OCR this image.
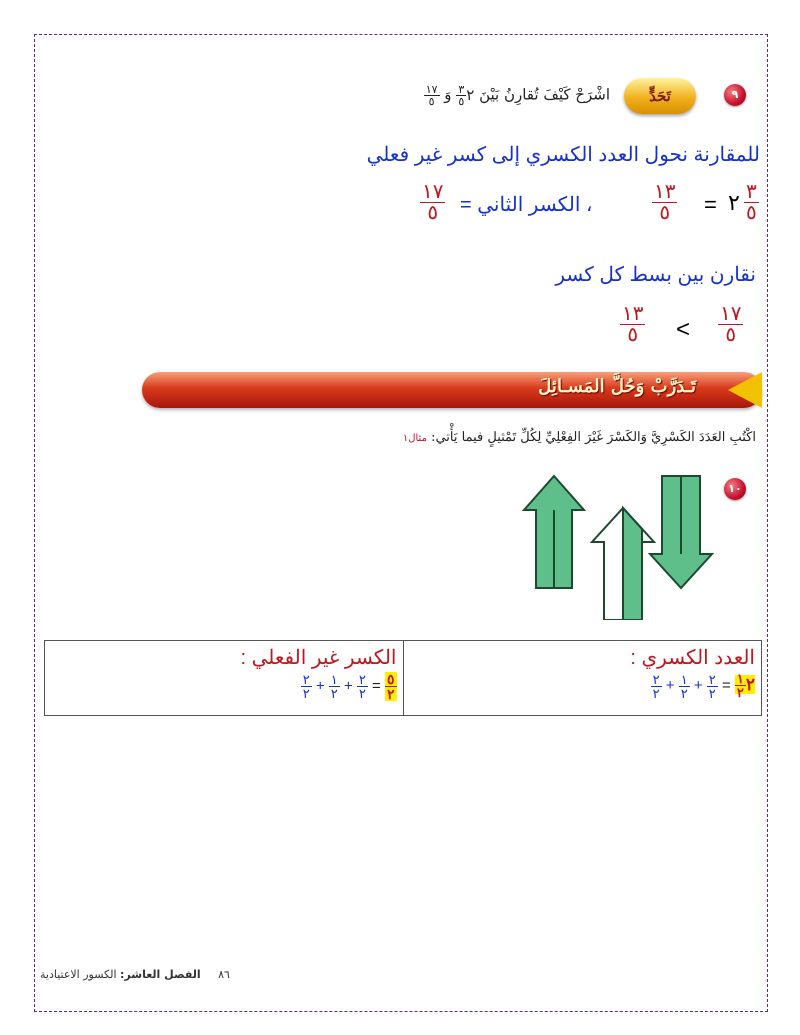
٩
تَحَدٍّ
اشْرَحْ كَيْفَ تُقارِنُ بَيْنَ ٢
$\frac{٣}{٥}$
وَ
$\frac{١٧}{٥}$
للمقارنة نحول العدد الكسري إلى كسر غير فعلي
$\frac{١٧}{٥}$ ، الكسر الثاني =	$\frac{١٣}{٥}$ = ٢ $\frac{٣}{٥}$
نقارن بين بسط كل كسر
$\frac{١٣}{٥} < \frac{١٧}{٥}$
تَـدَرَّبْ وَحُلَّ المَسـائِلَ
اكْتُبِ العَدَدَ الكَسْرِيَّ وَالكَسْرَ غَيْرَ الفِعْلِيِّ لِكُلِّ تَمْثيلٍ فيما يَأْتي: مثال١
١٠
الكسر غير الفعلي :
$\frac{٢}{٢} + \frac{١}{٢} + \frac{٢}{٢} = \frac{٥}{٢}$

العدد الكسري :
$\frac{٢}{٢} + \frac{١}{٢} + \frac{٢}{٢} = \frac{١}{٢}$ ٢
٨٦     الفصل العاشر: الكسور الاعتيادية
